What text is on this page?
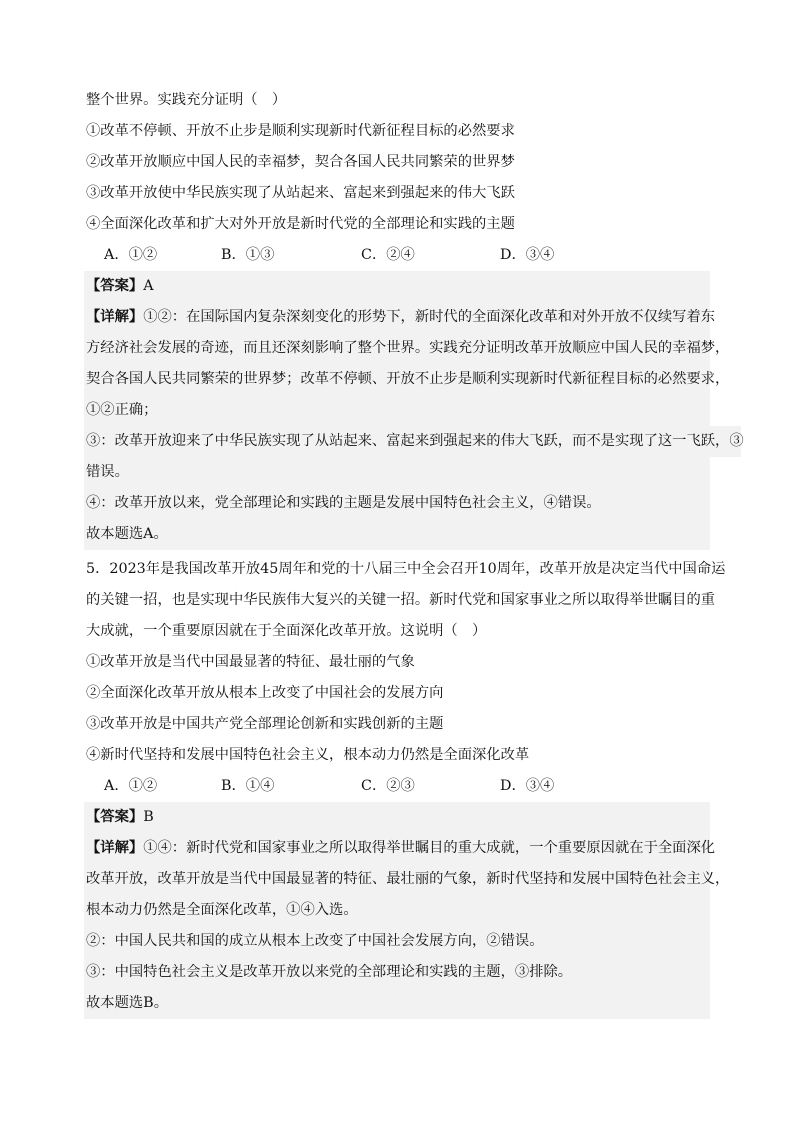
整个世界。实践充分证明（　）
①改革不停顿、开放不止步是顺利实现新时代新征程目标的必然要求
②改革开放顺应中国人民的幸福梦，契合各国人民共同繁荣的世界梦
③改革开放使中华民族实现了从站起来、富起来到强起来的伟大飞跃
④全面深化改革和扩大对外开放是新时代党的全部理论和实践的主题
A．①②	B．①③	C．②④	D．③④
【答案】A
【详解】①②：在国际国内复杂深刻变化的形势下，新时代的全面深化改革和对外开放不仅续写着东
方经济社会发展的奇迹，而且还深刻影响了整个世界。实践充分证明改革开放顺应中国人民的幸福梦，
契合各国人民共同繁荣的世界梦；改革不停顿、开放不止步是顺利实现新时代新征程目标的必然要求，
①②正确；
③：改革开放迎来了中华民族实现了从站起来、富起来到强起来的伟大飞跃，而不是实现了这一飞跃，③
错误。
④：改革开放以来，党全部理论和实践的主题是发展中国特色社会主义，④错误。
故本题选A。
5．2023年是我国改革开放45周年和党的十八届三中全会召开10周年，改革开放是决定当代中国命运
的关键一招，也是实现中华民族伟大复兴的关键一招。新时代党和国家事业之所以取得举世瞩目的重
大成就，一个重要原因就在于全面深化改革开放。这说明（　）
①改革开放是当代中国最显著的特征、最壮丽的气象
②全面深化改革开放从根本上改变了中国社会的发展方向
③改革开放是中国共产党全部理论创新和实践创新的主题
④新时代坚持和发展中国特色社会主义，根本动力仍然是全面深化改革
A．①②	B．①④	C．②③	D．③④
【答案】B
【详解】①④：新时代党和国家事业之所以取得举世瞩目的重大成就，一个重要原因就在于全面深化
改革开放，改革开放是当代中国最显著的特征、最壮丽的气象，新时代坚持和发展中国特色社会主义，
根本动力仍然是全面深化改革，①④入选。
②：中国人民共和国的成立从根本上改变了中国社会发展方向，②错误。
③：中国特色社会主义是改革开放以来党的全部理论和实践的主题，③排除。
故本题选B。
